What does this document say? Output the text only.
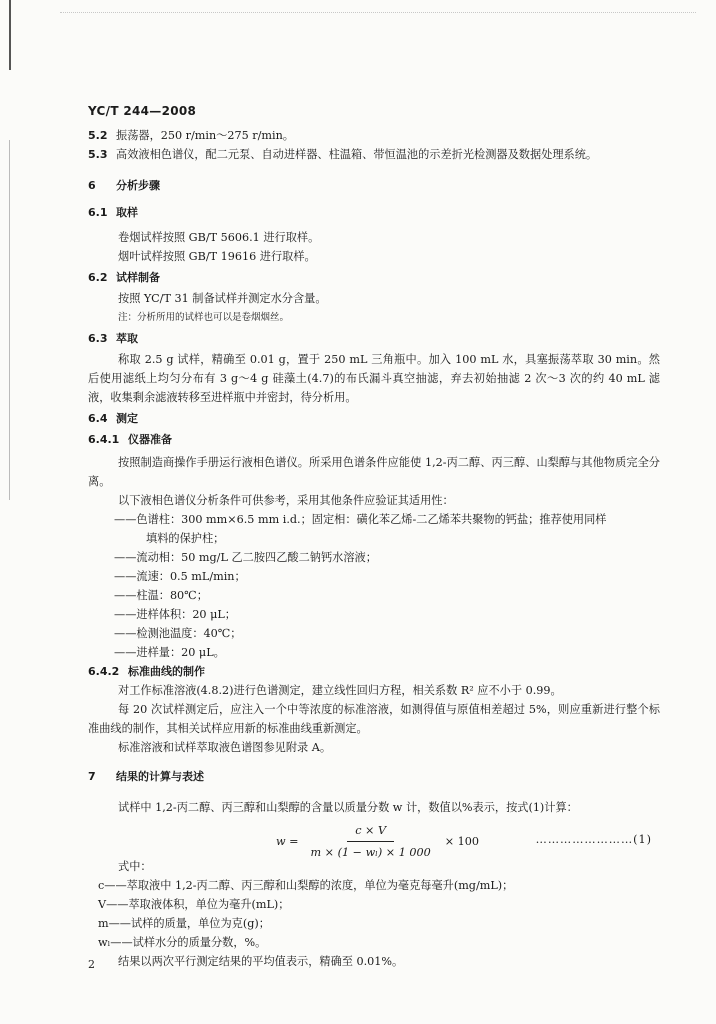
YC/T 244—2008
5.2 振荡器，250 r/min～275 r/min。
5.3 高效液相色谱仪，配二元泵、自动进样器、柱温箱、带恒温池的示差折光检测器及数据处理系统。
6 分析步骤
6.1 取样
卷烟试样按照 GB/T 5606.1 进行取样。
烟叶试样按照 GB/T 19616 进行取样。
6.2 试样制备
按照 YC/T 31 制备试样并测定水分含量。
注：分析所用的试样也可以是卷烟烟丝。
6.3 萃取
称取 2.5 g 试样，精确至 0.01 g，置于 250 mL 三角瓶中。加入 100 mL 水，具塞振荡萃取 30 min。然后使用滤纸上均匀分布有 3 g～4 g 硅藻土(4.7)的布氏漏斗真空抽滤，弃去初始抽滤 2 次～3 次的约 40 mL 滤液，收集剩余滤液转移至进样瓶中并密封，待分析用。
6.4 测定
6.4.1 仪器准备
按照制造商操作手册运行液相色谱仪。所采用色谱条件应能使 1,2-丙二醇、丙三醇、山梨醇与其他物质完全分离。
以下液相色谱仪分析条件可供参考，采用其他条件应验证其适用性：
——色谱柱：300 mm×6.5 mm i.d.；固定相：磺化苯乙烯-二乙烯苯共聚物的钙盐；推荐使用同样
填料的保护柱；
——流动相：50 mg/L 乙二胺四乙酸二钠钙水溶液；
——流速：0.5 mL/min；
——柱温：80℃；
——进样体积：20 μL；
——检测池温度：40℃；
——进样量：20 μL。
6.4.2 标准曲线的制作
对工作标准溶液(4.8.2)进行色谱测定，建立线性回归方程，相关系数 R² 应不小于 0.99。
每 20 次试样测定后，应注入一个中等浓度的标准溶液，如测得值与原值相差超过 5%，则应重新进行整个标准曲线的制作，其相关试样应用新的标准曲线重新测定。
标准溶液和试样萃取液色谱图参见附录 A。
7 结果的计算与表述
试样中 1,2-丙二醇、丙三醇和山梨醇的含量以质量分数 w 计，数值以%表示，按式(1)计算：
$w = \frac{c \times V}{\text{m × (1 − wₗ) × 1 000}} \times 100$	……………………(1)
式中：
c——萃取液中 1,2-丙二醇、丙三醇和山梨醇的浓度，单位为毫克每毫升(mg/mL)；
V——萃取液体积，单位为毫升(mL)；
m——试样的质量，单位为克(g)；
wₗ——试样水分的质量分数，%。
结果以两次平行测定结果的平均值表示，精确至 0.01%。
2
